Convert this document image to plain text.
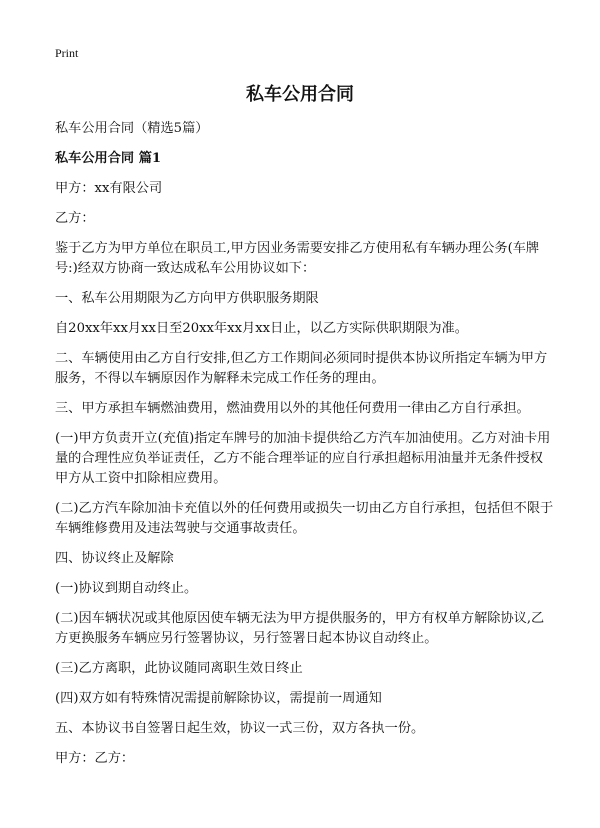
Print
私车公用合同

私车公用合同（精选5篇）

私车公用合同 篇1

甲方：xx有限公司

乙方：

鉴于乙方为甲方单位在职员工,甲方因业务需要安排乙方使用私有车辆办理公务(车牌号:)经双方协商一致达成私车公用协议如下：

一、私车公用期限为乙方向甲方供职服务期限

自20xx年xx月xx日至20xx年xx月xx日止，以乙方实际供职期限为准。

二、车辆使用由乙方自行安排,但乙方工作期间必须同时提供本协议所指定车辆为甲方服务，不得以车辆原因作为解释未完成工作任务的理由。

三、甲方承担车辆燃油费用，燃油费用以外的其他任何费用一律由乙方自行承担。

(一)甲方负责开立(充值)指定车牌号的加油卡提供给乙方汽车加油使用。乙方对油卡用量的合理性应负举证责任，乙方不能合理举证的应自行承担超标用油量并无条件授权甲方从工资中扣除相应费用。

(二)乙方汽车除加油卡充值以外的任何费用或损失一切由乙方自行承担，包括但不限于车辆维修费用及违法驾驶与交通事故责任。

四、协议终止及解除

(一)协议到期自动终止。

(二)因车辆状况或其他原因使车辆无法为甲方提供服务的，甲方有权单方解除协议,乙方更换服务车辆应另行签署协议，另行签署日起本协议自动终止。

(三)乙方离职，此协议随同离职生效日终止

(四)双方如有特殊情况需提前解除协议，需提前一周通知

五、本协议书自签署日起生效，协议一式三份，双方各执一份。

甲方：乙方：
